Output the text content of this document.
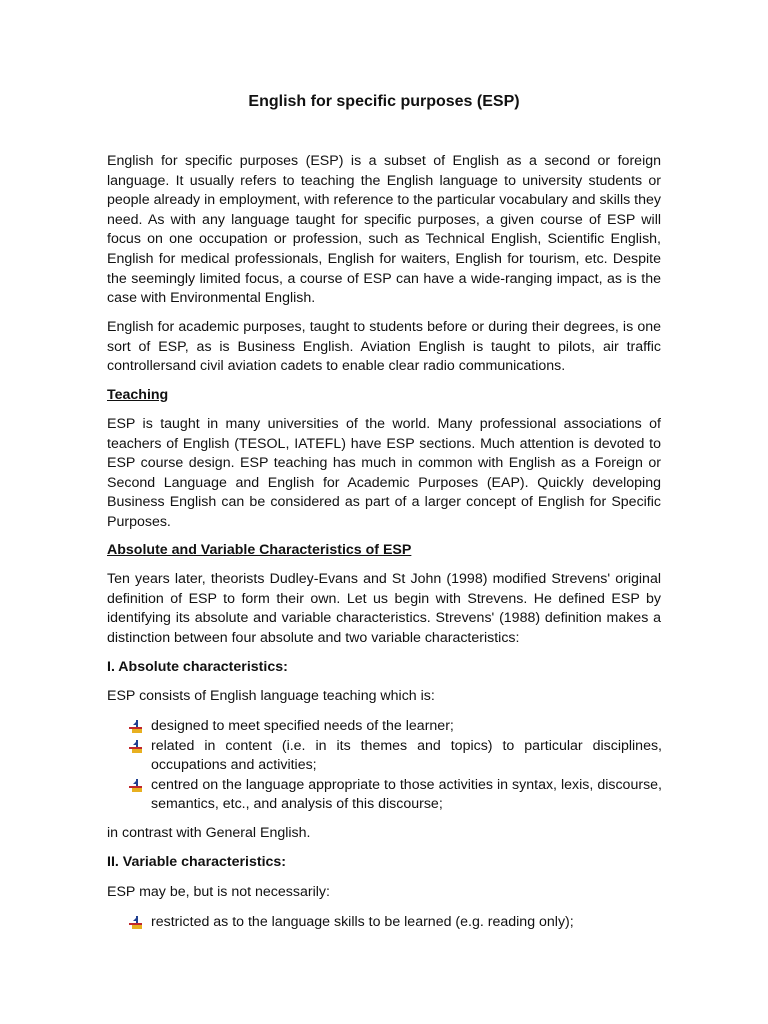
English for specific purposes (ESP)
English for specific purposes (ESP) is a subset of English as a second or foreign language. It usually refers to teaching the English language to university students or people already in employment, with reference to the particular vocabulary and skills they need. As with any language taught for specific purposes, a given course of ESP will focus on one occupation or profession, such as Technical English, Scientific English, English for medical professionals, English for waiters, English for tourism, etc. Despite the seemingly limited focus, a course of ESP can have a wide-ranging impact, as is the case with Environmental English.
English for academic purposes, taught to students before or during their degrees, is one sort of ESP, as is Business English. Aviation English is taught to pilots, air traffic controllersand civil aviation cadets to enable clear radio communications.
Teaching
ESP is taught in many universities of the world. Many professional associations of teachers of English (TESOL, IATEFL) have ESP sections. Much attention is devoted to ESP course design. ESP teaching has much in common with English as a Foreign or Second Language and English for Academic Purposes (EAP). Quickly developing Business English can be considered as part of a larger concept of English for Specific Purposes.
Absolute and Variable Characteristics of ESP
Ten years later, theorists Dudley-Evans and St John (1998) modified Strevens' original definition of ESP to form their own. Let us begin with Strevens. He defined ESP by identifying its absolute and variable characteristics. Strevens' (1988) definition makes a distinction between four absolute and two variable characteristics:
I. Absolute characteristics:
ESP consists of English language teaching which is:
designed to meet specified needs of the learner;
related in content (i.e. in its themes and topics) to particular disciplines, occupations and activities;
centred on the language appropriate to those activities in syntax, lexis, discourse, semantics, etc., and analysis of this discourse;
in contrast with General English.
II. Variable characteristics:
ESP may be, but is not necessarily:
restricted as to the language skills to be learned (e.g. reading only);
